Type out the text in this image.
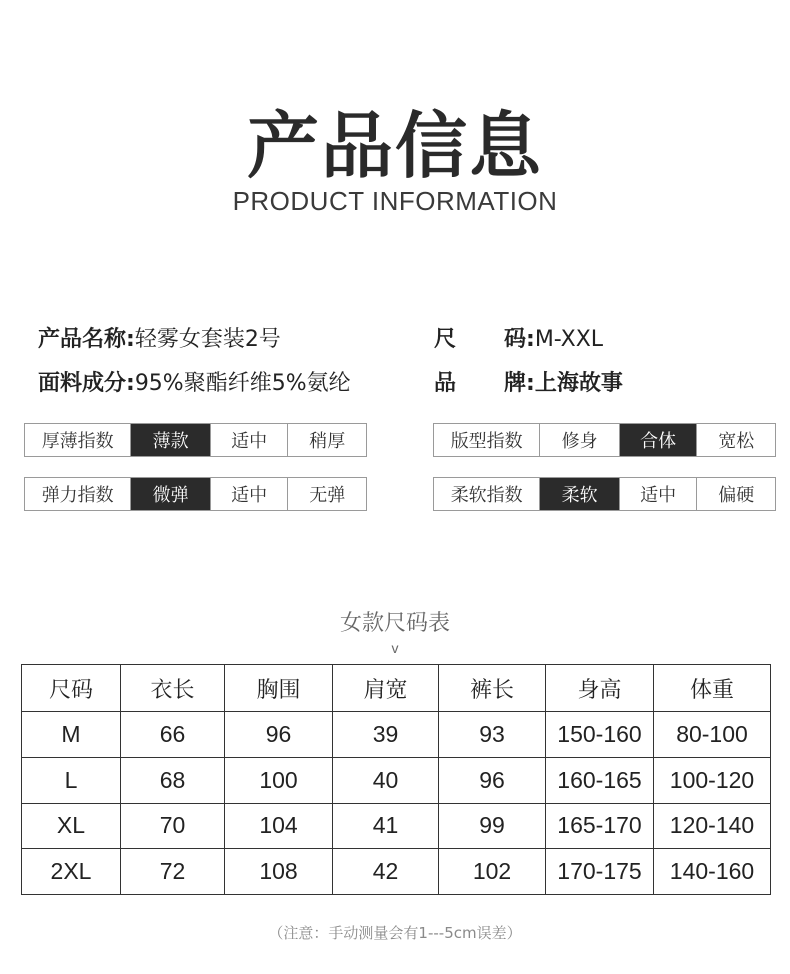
产品信息
PRODUCT INFORMATION
产品名称:轻雾女套装2号	尺 码:M-XXL
面料成分:95%聚酯纤维5%氨纶	品 牌:上海故事
厚薄指数	薄款	适中	稍厚	版型指数	修身	合体	宽松
弹力指数	微弹	适中	无弹	柔软指数	柔软	适中	偏硬
女款尺码表
v
尺码	衣长	胸围	肩宽	裤长	身高	体重
M	66	96	39	93	150-160	80-100
L	68	100	40	96	160-165	100-120
XL	70	104	41	99	165-170	120-140
2XL	72	108	42	102	170-175	140-160
（注意：手动测量会有1---5cm误差）
